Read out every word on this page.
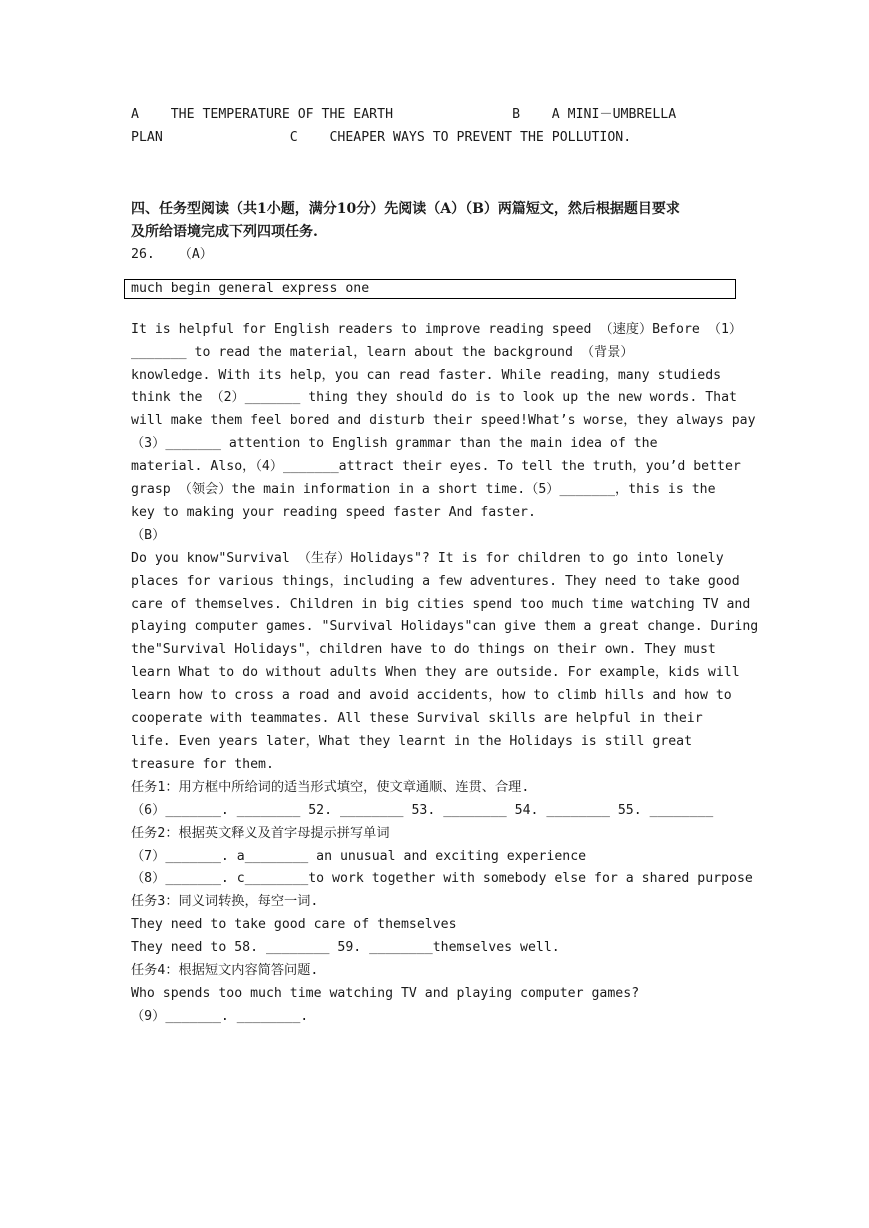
A    THE TEMPERATURE OF THE EARTH               B    A MINI－UMBRELLA
PLAN                C    CHEAPER WAYS TO PREVENT THE POLLUTION.
四、任务型阅读（共1小题，满分10分）先阅读（A）（B）两篇短文，然后根据题目要求
及所给语境完成下列四项任务.
26.   （A）
much begin general express one
It is helpful for English readers to improve reading speed （速度）Before （1）
_______ to read the material，learn about the background （背景）
knowledge. With its help，you can read faster. While reading，many studieds
think the （2）_______ thing they should do is to look up the new words. That
will make them feel bored and disturb their speed!What’s worse，they always pay
（3）_______ attention to English grammar than the main idea of the
material. Also，（4）_______attract their eyes. To tell the truth，you’d better
grasp （领会）the main information in a short time.（5）_______，this is the
key to making your reading speed faster And faster.
（B）
Do you know"Survival （生存）Holidays"? It is for children to go into lonely
places for various things，including a few adventures. They need to take good
care of themselves. Children in big cities spend too much time watching TV and
playing computer games. "Survival Holidays"can give them a great change. During
the"Survival Holidays"，children have to do things on their own. They must
learn What to do without adults When they are outside. For example，kids will
learn how to cross a road and avoid accidents，how to climb hills and how to
cooperate with teammates. All these Survival skills are helpful in their
life. Even years later，What they learnt in the Holidays is still great
treasure for them.
任务1：用方框中所给词的适当形式填空，使文章通顺、连贯、合理.
（6）_______. ________ 52. ________ 53. ________ 54. ________ 55. ________
任务2：根据英文释义及首字母提示拼写单词
（7）_______. a________ an unusual and exciting experience
（8）_______. c________to work together with somebody else for a shared purpose
任务3：同义词转换，每空一词.
They need to take good care of themselves
They need to 58. ________ 59. ________themselves well.
任务4：根据短文内容简答问题.
Who spends too much time watching TV and playing computer games?
（9）_______. ________.
